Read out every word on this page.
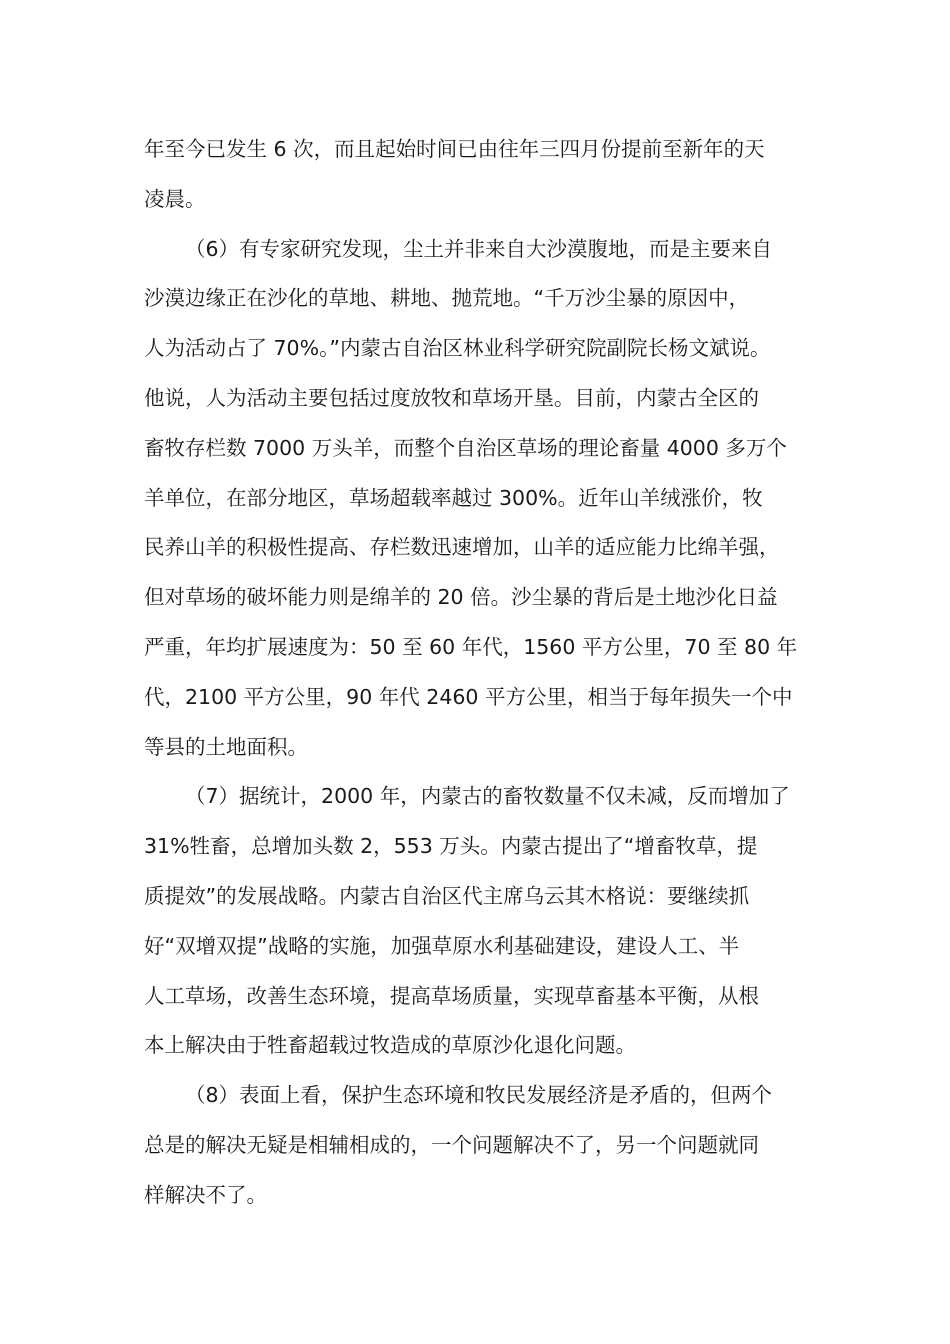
年至今已发生 6 次，而且起始时间已由往年三四月份提前至新年的天
凌晨。
（6）有专家研究发现，尘土并非来自大沙漠腹地，而是主要来自
沙漠边缘正在沙化的草地、耕地、抛荒地。“千万沙尘暴的原因中，
人为活动占了 70%。”内蒙古自治区林业科学研究院副院长杨文斌说。
他说，人为活动主要包括过度放牧和草场开垦。目前，内蒙古全区的
畜牧存栏数 7000 万头羊，而整个自治区草场的理论畜量 4000 多万个
羊单位，在部分地区，草场超载率越过 300%。近年山羊绒涨价，牧
民养山羊的积极性提高、存栏数迅速增加，山羊的适应能力比绵羊强，
但对草场的破坏能力则是绵羊的 20 倍。沙尘暴的背后是土地沙化日益
严重，年均扩展速度为：50 至 60 年代，1560 平方公里，70 至 80 年
代，2100 平方公里，90 年代 2460 平方公里，相当于每年损失一个中
等县的土地面积。
（7）据统计，2000 年，内蒙古的畜牧数量不仅未减，反而增加了
31%牲畜，总增加头数 2，553 万头。内蒙古提出了“增畜牧草，提
质提效”的发展战略。内蒙古自治区代主席乌云其木格说：要继续抓
好“双增双提”战略的实施，加强草原水利基础建设，建设人工、半
人工草场，改善生态环境，提高草场质量，实现草畜基本平衡，从根
本上解决由于牲畜超载过牧造成的草原沙化退化问题。
（8）表面上看，保护生态环境和牧民发展经济是矛盾的，但两个
总是的解决无疑是相辅相成的，一个问题解决不了，另一个问题就同
样解决不了。
